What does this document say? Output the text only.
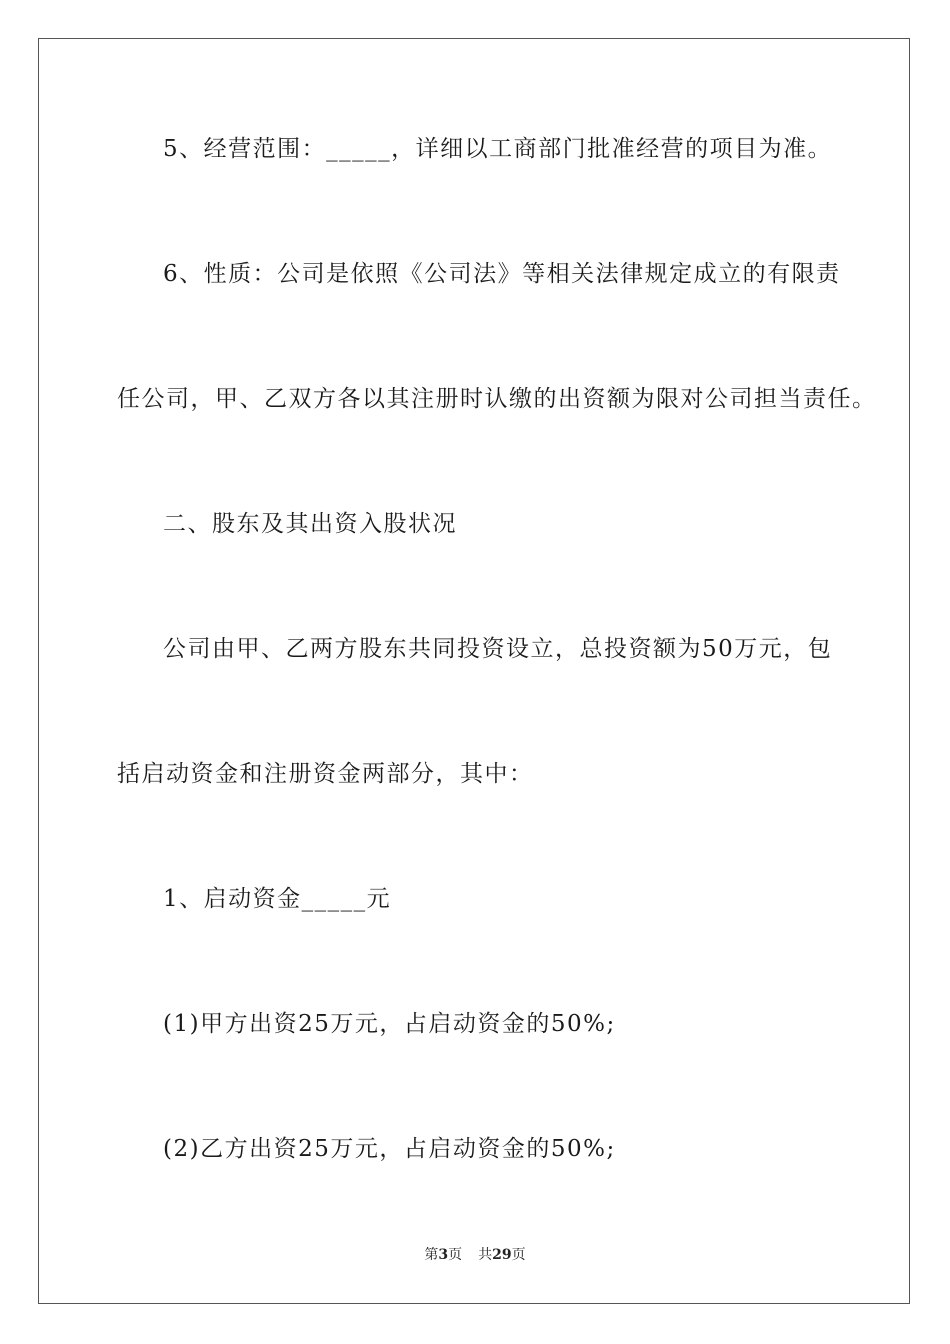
5、经营范围：_____，详细以工商部门批准经营的项目为准。
6、性质：公司是依照《公司法》等相关法律规定成立的有限责
任公司，甲、乙双方各以其注册时认缴的出资额为限对公司担当责任。
二、股东及其出资入股状况
公司由甲、乙两方股东共同投资设立，总投资额为50万元，包
括启动资金和注册资金两部分，其中：
1、启动资金_____元
(1)甲方出资25万元，占启动资金的50%;
(2)乙方出资25万元，占启动资金的50%;
第3页 共29页
